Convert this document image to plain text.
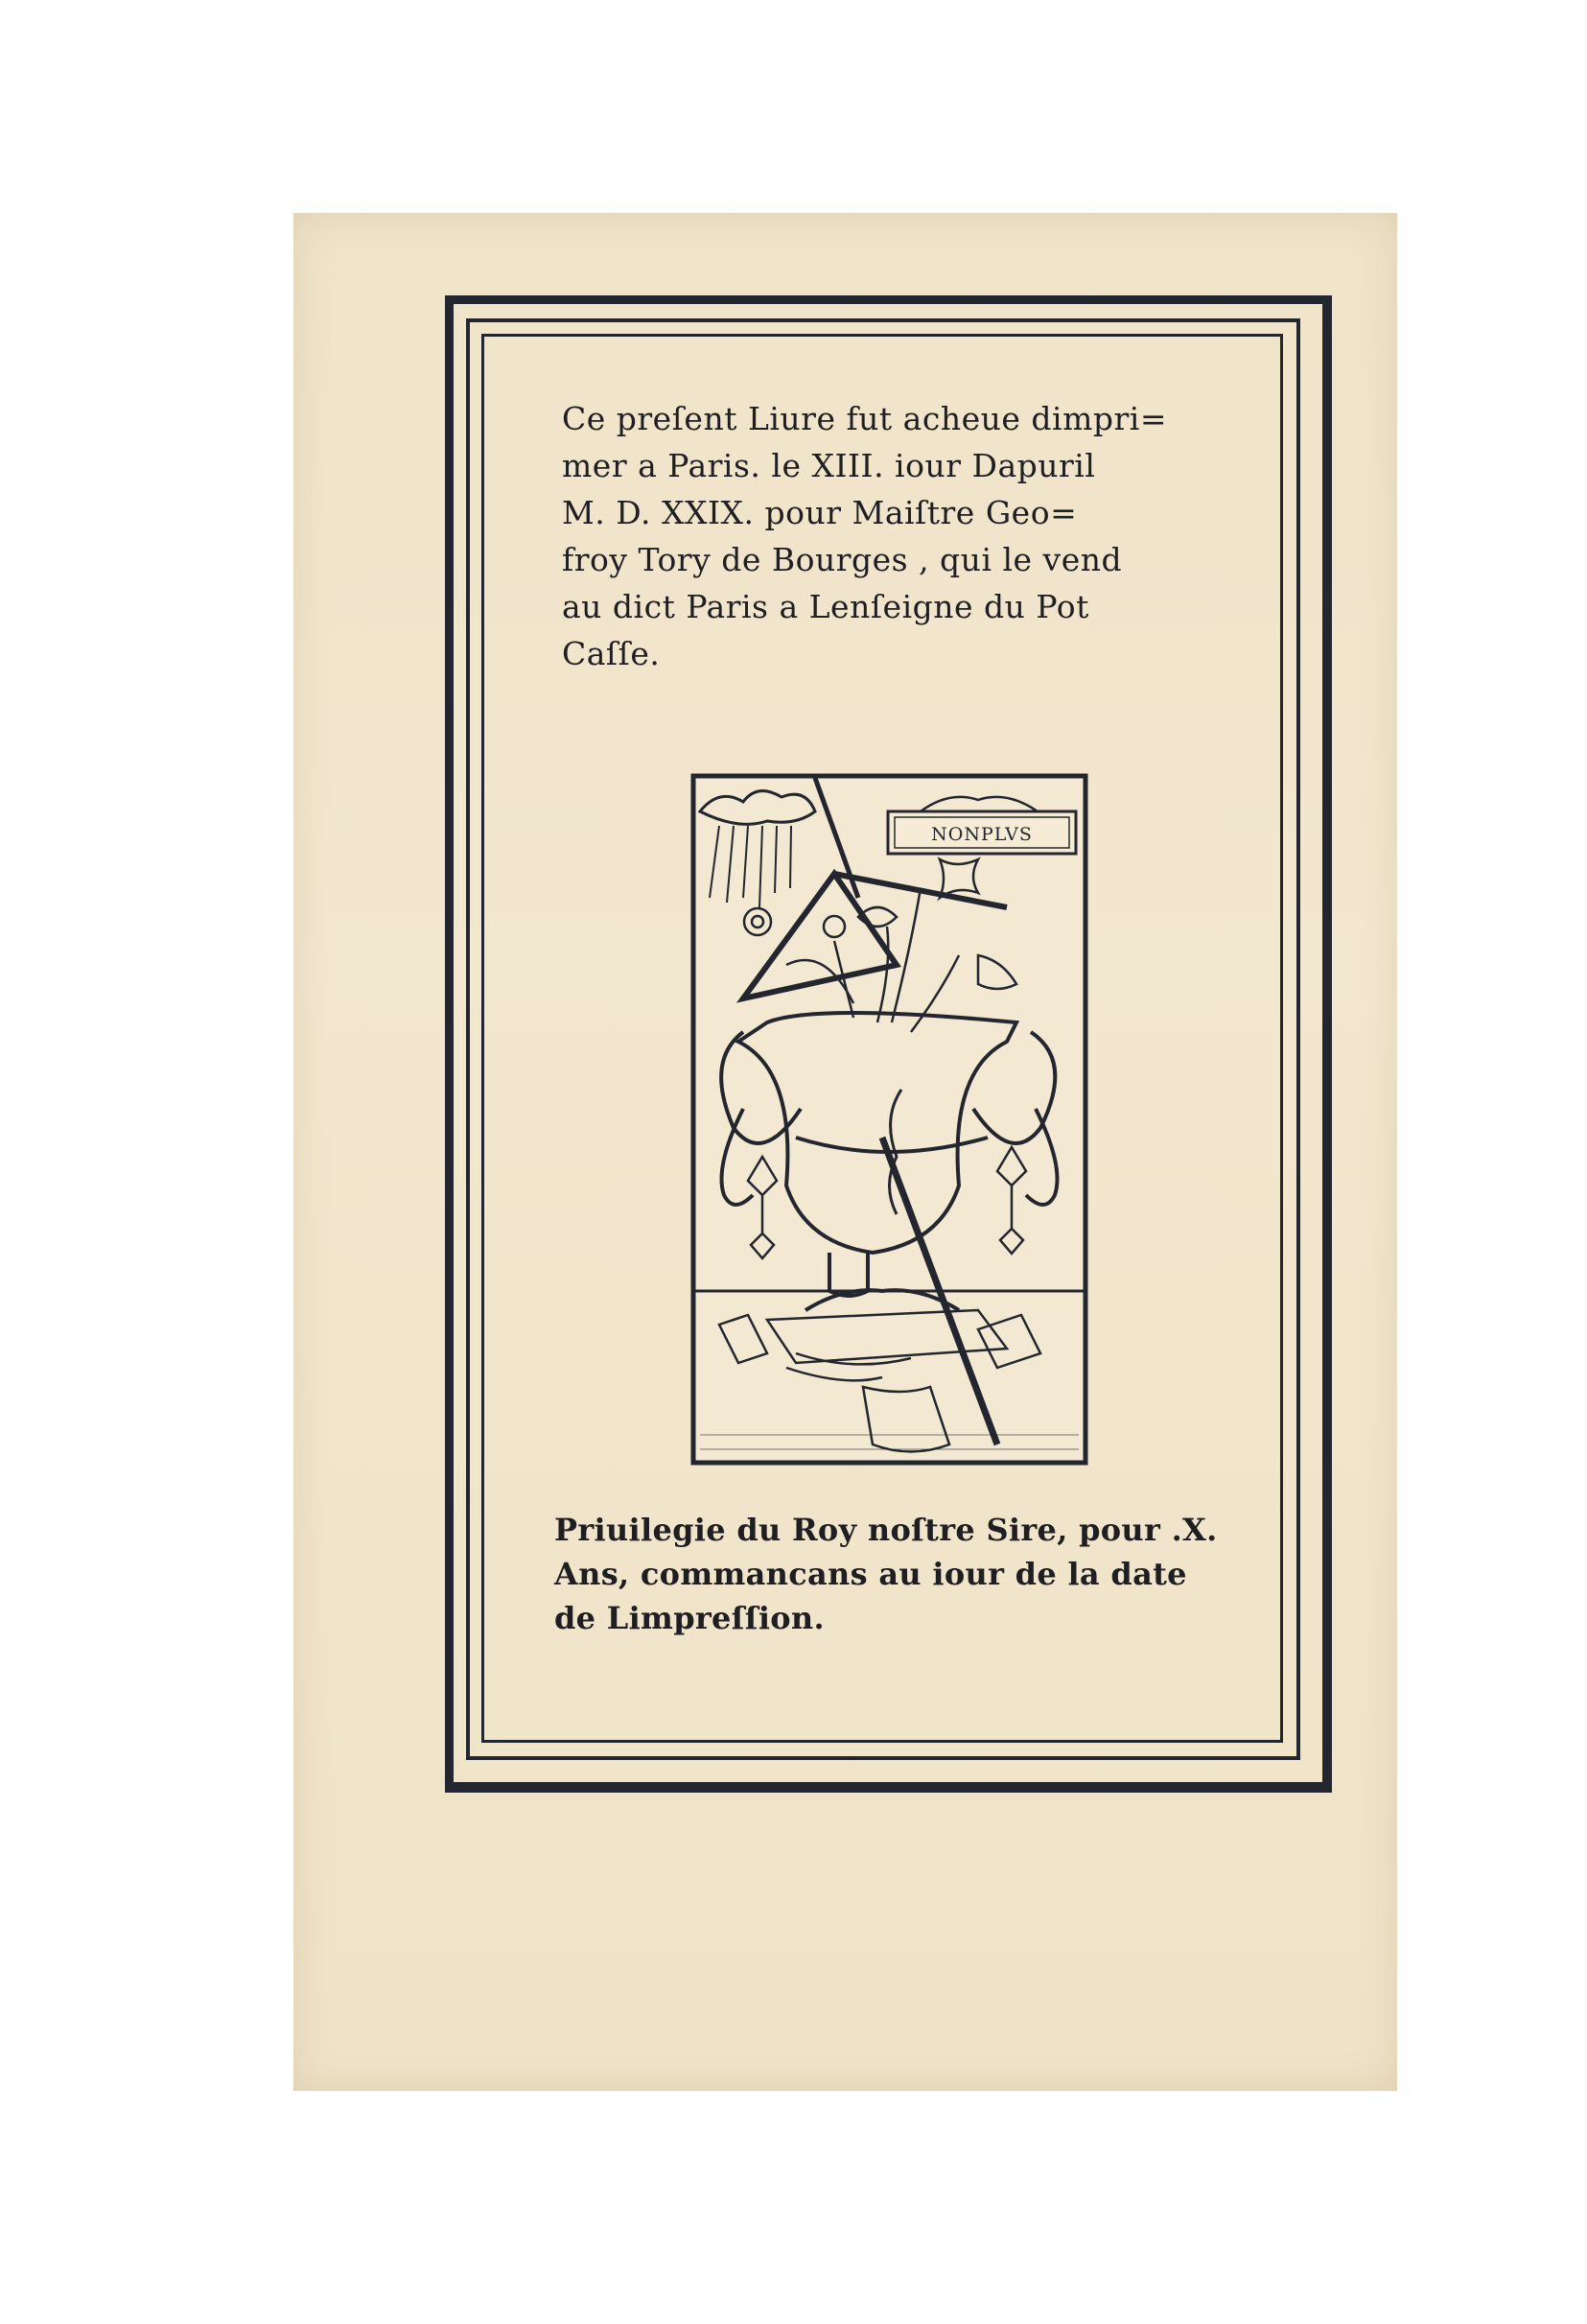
Ce preſent Liure fut acheue dimpri=
mer a Paris. le XIII. iour Dapuril
M. D. XXIX. pour Maiſtre Geo=
froy Tory de Bourges , qui le vend
au dict Paris a Lenſeigne du Pot
Caſſe.

NONPLVS

Priuilegie du Roy noſtre Sire, pour .X.
Ans, commancans au iour de la date
de Limpreſſion.
